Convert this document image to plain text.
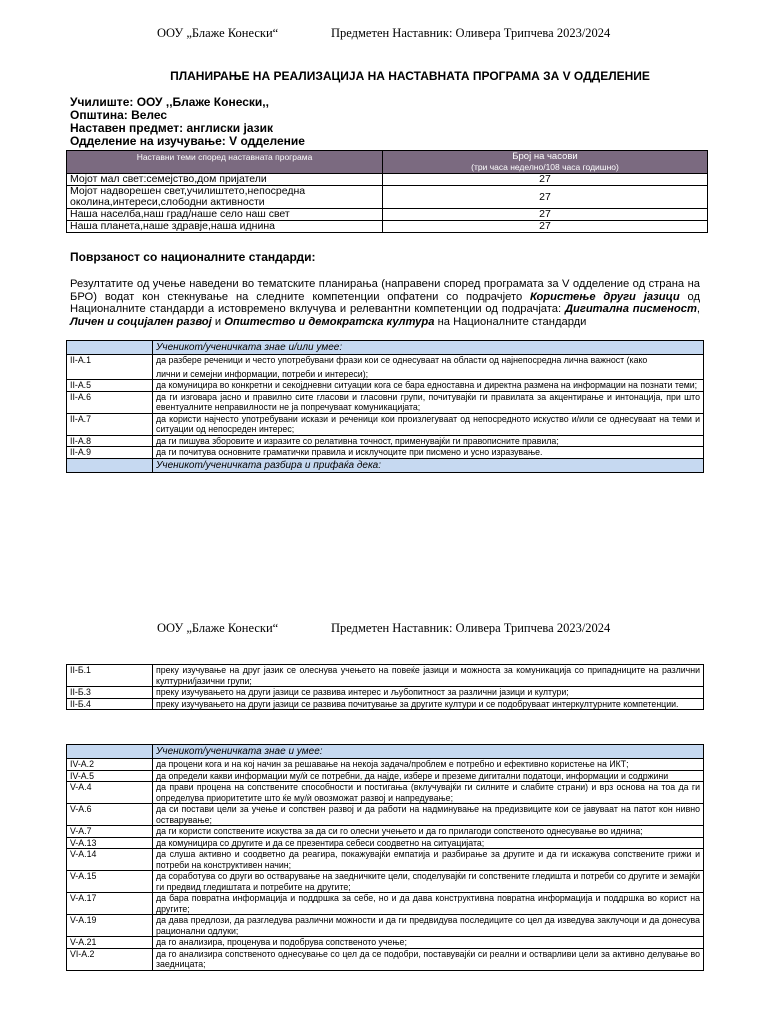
ООУ „Блаже Конески“	Предметен Наставник: Оливера Трипчева 2023/2024
ПЛАНИРАЊЕ НА РЕАЛИЗАЦИЈА НА НАСТАВНАТА ПРОГРАМА ЗА V ОДДЕЛЕНИЕ
Училиште: ООУ ,,Блаже Конески,,
Општина: Велес
Наставен предмет: англиски јазик
Одделение на изучување: V одделение
Наставни теми според наставната програма	Број на часови
(три часа неделно/108 часа годишно)

Мојот мал свет:семејство,дом пријатели	27
Мојот надворешен свет,училиштето,непосредна околина,интереси,слободни активности	27
Наша населба,наш град/наше село наш свет	27
Наша планета,наше здравје,наша иднина	27
Поврзаност со националните стандарди:
Резултатите од учење наведени во тематските планирања (направени според програмата за V одделение од страна на БРО) водат кон стекнување на следните компетенции опфатени со подрачјето Користење други јазици од Националните стандарди а истовремено вклучува и релевантни компетенции од подрачјата: Дигитална писменост, Личен и социјален развој и Општество и демократска култура на Националните стандарди
	Ученикот/ученичката знае и/или умее:
II-A.1	да разбере реченици и често употребувани фрази кои се однесуваат на области од најнепосредна лична важност (како
лични и семејни информации, потреби и интереси);

II-A.5	да комуницира во конкретни и секојдневни ситуации кога се бара едноставна и директна размена на информации на познати теми;
II-A.6	да ги изговара јасно и правилно сите гласови и гласовни групи, почитувајќи ги правилата за акцентирање и интонација, при што евентуалните неправилности не ја попречуваат комуникацијата;
II-A.7	да користи најчесто употребувани искази и реченици кои произлегуваат од непосредното искуство и/или се однесуваат на теми и ситуации од непосреден интерес;
II-A.8	да ги пишува зборовите и изразите со релативна точност, применувајќи ги правописните правила;
II-A.9	да ги почитува основните граматички правила и исклучоците при писмено и усно изразување.
	Ученикот/ученичката разбира и прифаќа дека:
ООУ „Блаже Конески“	Предметен Наставник: Оливера Трипчева 2023/2024
II-Б.1	преку изучување на друг јазик се олеснува учењето на повеќе јазици и можноста за комуникација со припадниците на различни културни/јазични групи;
II-Б.3	преку изучувањето на други јазици се развива интерес и љубопитност за различни јазици и култури;
II-Б.4	преку изучувањето на други јазици се развива почитување за другите култури и се подобруваат интеркултурните компетенции.
	Ученикот/ученичката знае и умее:
IV-A.2	да процени кога и на кој начин за решавање на некоја задача/проблем е потребно и ефективно користење на ИКТ;
IV-A.5	да определи какви информации му/ѝ се потребни, да најде, избере и преземе дигитални податоци, информации и содржини
V-A.4	да прави процена на сопствените способности и постигања (вклучувајќи ги силните и слабите страни) и врз основа на тоа да ги определува приоритетите што ќе му/ѝ овозможат развој и напредување;
V-A.6	да си постави цели за учење и сопствен развој и да работи на надминување на предизвиците кои се јавуваат на патот кон нивно остварување;
V-A.7	да ги користи сопствените искуства за да си го олесни учењето и да го прилагоди сопственото однесување во иднина;
V-A.13	да комуницира со другите и да се презентира себеси соодветно на ситуацијата;
V-A.14	да слуша активно и соодветно да реагира, покажувајќи емпатија и разбирање за другите и да ги искажува сопствените грижи и потреби на конструктивен начин;
V-A.15	да соработува со други во остварување на заедничките цели, споделувајќи ги сопствените гледишта и потреби со другите и земајќи ги предвид гледиштата и потребите на другите;
V-A.17	да бара повратна информација и поддршка за себе, но и да дава конструктивна повратна информација и поддршка во корист на другите;
V-A.19	да дава предлози, да разгледува различни можности и да ги предвидува последиците со цел да изведува заклучоци и да донесува рационални одлуки;
V-A.21	да го анализира, проценува и подобрува сопственото учење;
VI-A.2	да го анализира сопственото однесување со цел да се подобри, поставувајќи си реални и остварливи цели за активно делување во заедницата;
